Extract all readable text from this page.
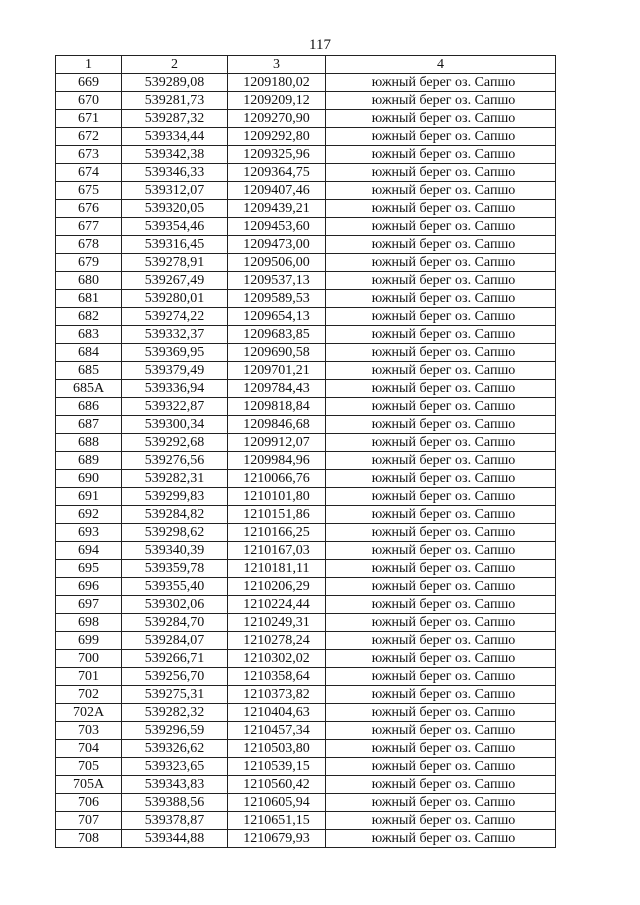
117
1	2	3	4
669	539289,08	1209180,02	южный берег оз. Сапшо
670	539281,73	1209209,12	южный берег оз. Сапшо
671	539287,32	1209270,90	южный берег оз. Сапшо
672	539334,44	1209292,80	южный берег оз. Сапшо
673	539342,38	1209325,96	южный берег оз. Сапшо
674	539346,33	1209364,75	южный берег оз. Сапшо
675	539312,07	1209407,46	южный берег оз. Сапшо
676	539320,05	1209439,21	южный берег оз. Сапшо
677	539354,46	1209453,60	южный берег оз. Сапшо
678	539316,45	1209473,00	южный берег оз. Сапшо
679	539278,91	1209506,00	южный берег оз. Сапшо
680	539267,49	1209537,13	южный берег оз. Сапшо
681	539280,01	1209589,53	южный берег оз. Сапшо
682	539274,22	1209654,13	южный берег оз. Сапшо
683	539332,37	1209683,85	южный берег оз. Сапшо
684	539369,95	1209690,58	южный берег оз. Сапшо
685	539379,49	1209701,21	южный берег оз. Сапшо
685А	539336,94	1209784,43	южный берег оз. Сапшо
686	539322,87	1209818,84	южный берег оз. Сапшо
687	539300,34	1209846,68	южный берег оз. Сапшо
688	539292,68	1209912,07	южный берег оз. Сапшо
689	539276,56	1209984,96	южный берег оз. Сапшо
690	539282,31	1210066,76	южный берег оз. Сапшо
691	539299,83	1210101,80	южный берег оз. Сапшо
692	539284,82	1210151,86	южный берег оз. Сапшо
693	539298,62	1210166,25	южный берег оз. Сапшо
694	539340,39	1210167,03	южный берег оз. Сапшо
695	539359,78	1210181,11	южный берег оз. Сапшо
696	539355,40	1210206,29	южный берег оз. Сапшо
697	539302,06	1210224,44	южный берег оз. Сапшо
698	539284,70	1210249,31	южный берег оз. Сапшо
699	539284,07	1210278,24	южный берег оз. Сапшо
700	539266,71	1210302,02	южный берег оз. Сапшо
701	539256,70	1210358,64	южный берег оз. Сапшо
702	539275,31	1210373,82	южный берег оз. Сапшо
702А	539282,32	1210404,63	южный берег оз. Сапшо
703	539296,59	1210457,34	южный берег оз. Сапшо
704	539326,62	1210503,80	южный берег оз. Сапшо
705	539323,65	1210539,15	южный берег оз. Сапшо
705А	539343,83	1210560,42	южный берег оз. Сапшо
706	539388,56	1210605,94	южный берег оз. Сапшо
707	539378,87	1210651,15	южный берег оз. Сапшо
708	539344,88	1210679,93	южный берег оз. Сапшо
